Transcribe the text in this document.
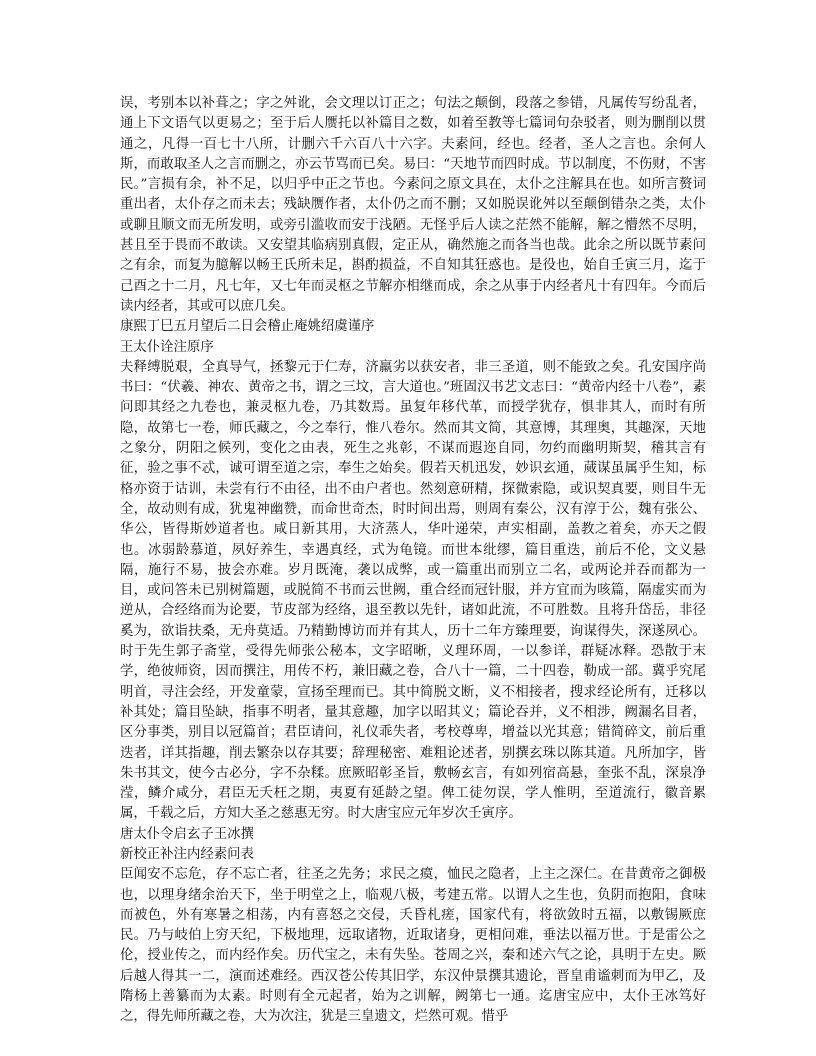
误，考别本以补葺之；字之舛讹，会文理以订正之；句法之颠倒，段落之参错，凡属传写纷乱者，通上下文语气以更易之；至于后人赝托以补篇目之数，如着至教等七篇词句杂驳者，则为删削以贯通之，凡得一百七十八所，计删六千六百八十六字。夫素问，经也。经者，圣人之言也。余何人斯，而敢取圣人之言而删之，亦云节骂而已矣。易曰：“天地节而四时成。节以制度，不伤财，不害民。”言损有余，补不足，以归乎中正之节也。今素问之原文具在，太仆之注解具在也。如所言赘词重出者，太仆存之而未去；残缺赝作者，太仆仍之而不删；又如脱误讹舛以至颠倒错杂之类，太仆或聊且顺文而无所发明，或旁引滥收而安于浅陋。无怪乎后人读之茫然不能解，解之懵然不尽明，甚且至于畏而不敢读。又安望其临病别真假，定正从，确然施之而各当也哉。此余之所以既节素问之有余，而复为臆解以畅王氏所未足，斟酌损益，不自知其狂惑也。是役也，始自壬寅三月，迄于己酉之十二月，凡七年，又七年而灵枢之节解亦相继而成，余之从事于内经者凡十有四年。今而后读内经者，其或可以庶几矣。

康熙丁巳五月望后二日会稽止庵姚绍虞谨序

王太仆诠注原序

夫释缚脱艰，全真导气，拯黎元于仁寿，济羸劣以获安者，非三圣道，则不能致之矣。孔安国序尚书曰：“伏羲、神农、黄帝之书，谓之三坟，言大道也。”班固汉书艺文志曰：“黄帝内经十八卷”，素问即其经之九卷也，兼灵枢九卷，乃其数焉。虽复年移代革，而授学犹存，惧非其人，而时有所隐，故第七一卷，师氏藏之，今之奉行，惟八卷尔。然而其文简，其意博，其理奥，其趣深，天地之象分，阴阳之候列，变化之由表，死生之兆彰，不谋而遐迩自同，勿约而幽明斯契，稽其言有征，验之事不忒，诚可谓至道之宗，奉生之始矣。假若天机迅发，妙识玄通，蒇谋虽属乎生知，标格亦资于诂训，未尝有行不由径，出不由户者也。然刻意研精，探微索隐，或识契真要，则目牛无全，故动则有成，犹鬼神幽赞，而命世奇杰，时时间出焉，则周有秦公，汉有淳于公，魏有张公、华公，皆得斯妙道者也。咸日新其用，大济蒸人，华叶递荣，声实相副，盖教之着矣，亦天之假也。冰弱龄慕道，夙好养生，幸遇真经，式为龟镜。而世本纰缪，篇目重迭，前后不伦，文义悬隔，施行不易，披会亦难。岁月既淹，袭以成弊，或一篇重出而别立二名，或两论并吞而都为一目，或问答未已别树篇题，或脱简不书而云世阙，重合经而冠针服，并方宜而为咳篇，隔虚实而为逆从，合经络而为论要，节皮部为经络，退至教以先针，诸如此流，不可胜数。且将升岱岳，非径奚为，欲诣扶桑，无舟莫适。乃精勤博访而并有其人，历十二年方臻理要，询谋得失，深遂夙心。时于先生郭子斋堂，受得先师张公秘本，文字昭晰，义理环周，一以参详，群疑冰释。恐散于末学，绝彼师资，因而撰注，用传不朽，兼旧藏之卷，合八十一篇，二十四卷，勒成一部。冀乎究尾明首，寻注会经，开发童蒙，宣扬至理而已。其中简脱文断，义不相接者，搜求经论所有，迁移以补其处；篇目坠缺，指事不明者，量其意趣，加字以昭其义；篇论吞并，义不相涉，阙漏名目者，区分事类，别目以冠篇首；君臣请问，礼仪乖失者，考校尊卑，增益以光其意；错简碎文，前后重迭者，详其指趣，削去繁杂以存其要；辞理秘密、难粗论述者，别撰玄珠以陈其道。凡所加字，皆朱书其文，使今古必分，字不杂糅。庶厥昭彰圣旨，敷畅玄言，有如列宿高悬，奎张不乱，深泉净滢，鳞介咸分，君臣无夭枉之期，夷夏有延龄之望。俾工徒勿误，学人惟明，至道流行，徽音累属，千载之后，方知大圣之慈惠无穷。时大唐宝应元年岁次壬寅序。

唐太仆令启玄子王冰撰

新校正补注内经素问表

臣闻安不忘危，存不忘亡者，往圣之先务；求民之瘼，恤民之隐者，上主之深仁。在昔黄帝之御极也，以理身绪余治天下，坐于明堂之上，临观八极，考建五常。以谓人之生也，负阴而抱阳，食味而被色，外有寒暑之相荡，内有喜怒之交侵，夭昏札瘥，国家代有，将欲敛时五福，以敷锡厥庶民。乃与岐伯上穷天纪，下极地理，远取诸物，近取诸身，更相问难，垂法以福万世。于是雷公之伦，授业传之，而内经作矣。历代宝之，未有失坠。苍周之兴，秦和述六气之论，具明于左史。厥后越人得其一二，演而述难经。西汉苍公传其旧学，东汉仲景撰其遗论，晋皇甫谧刺而为甲乙，及隋杨上善纂而为太素。时则有全元起者，始为之训解，阙第七一通。迄唐宝应中，太仆王冰笃好之，得先师所藏之卷，大为次注，犹是三皇遗文，烂然可观。惜乎
